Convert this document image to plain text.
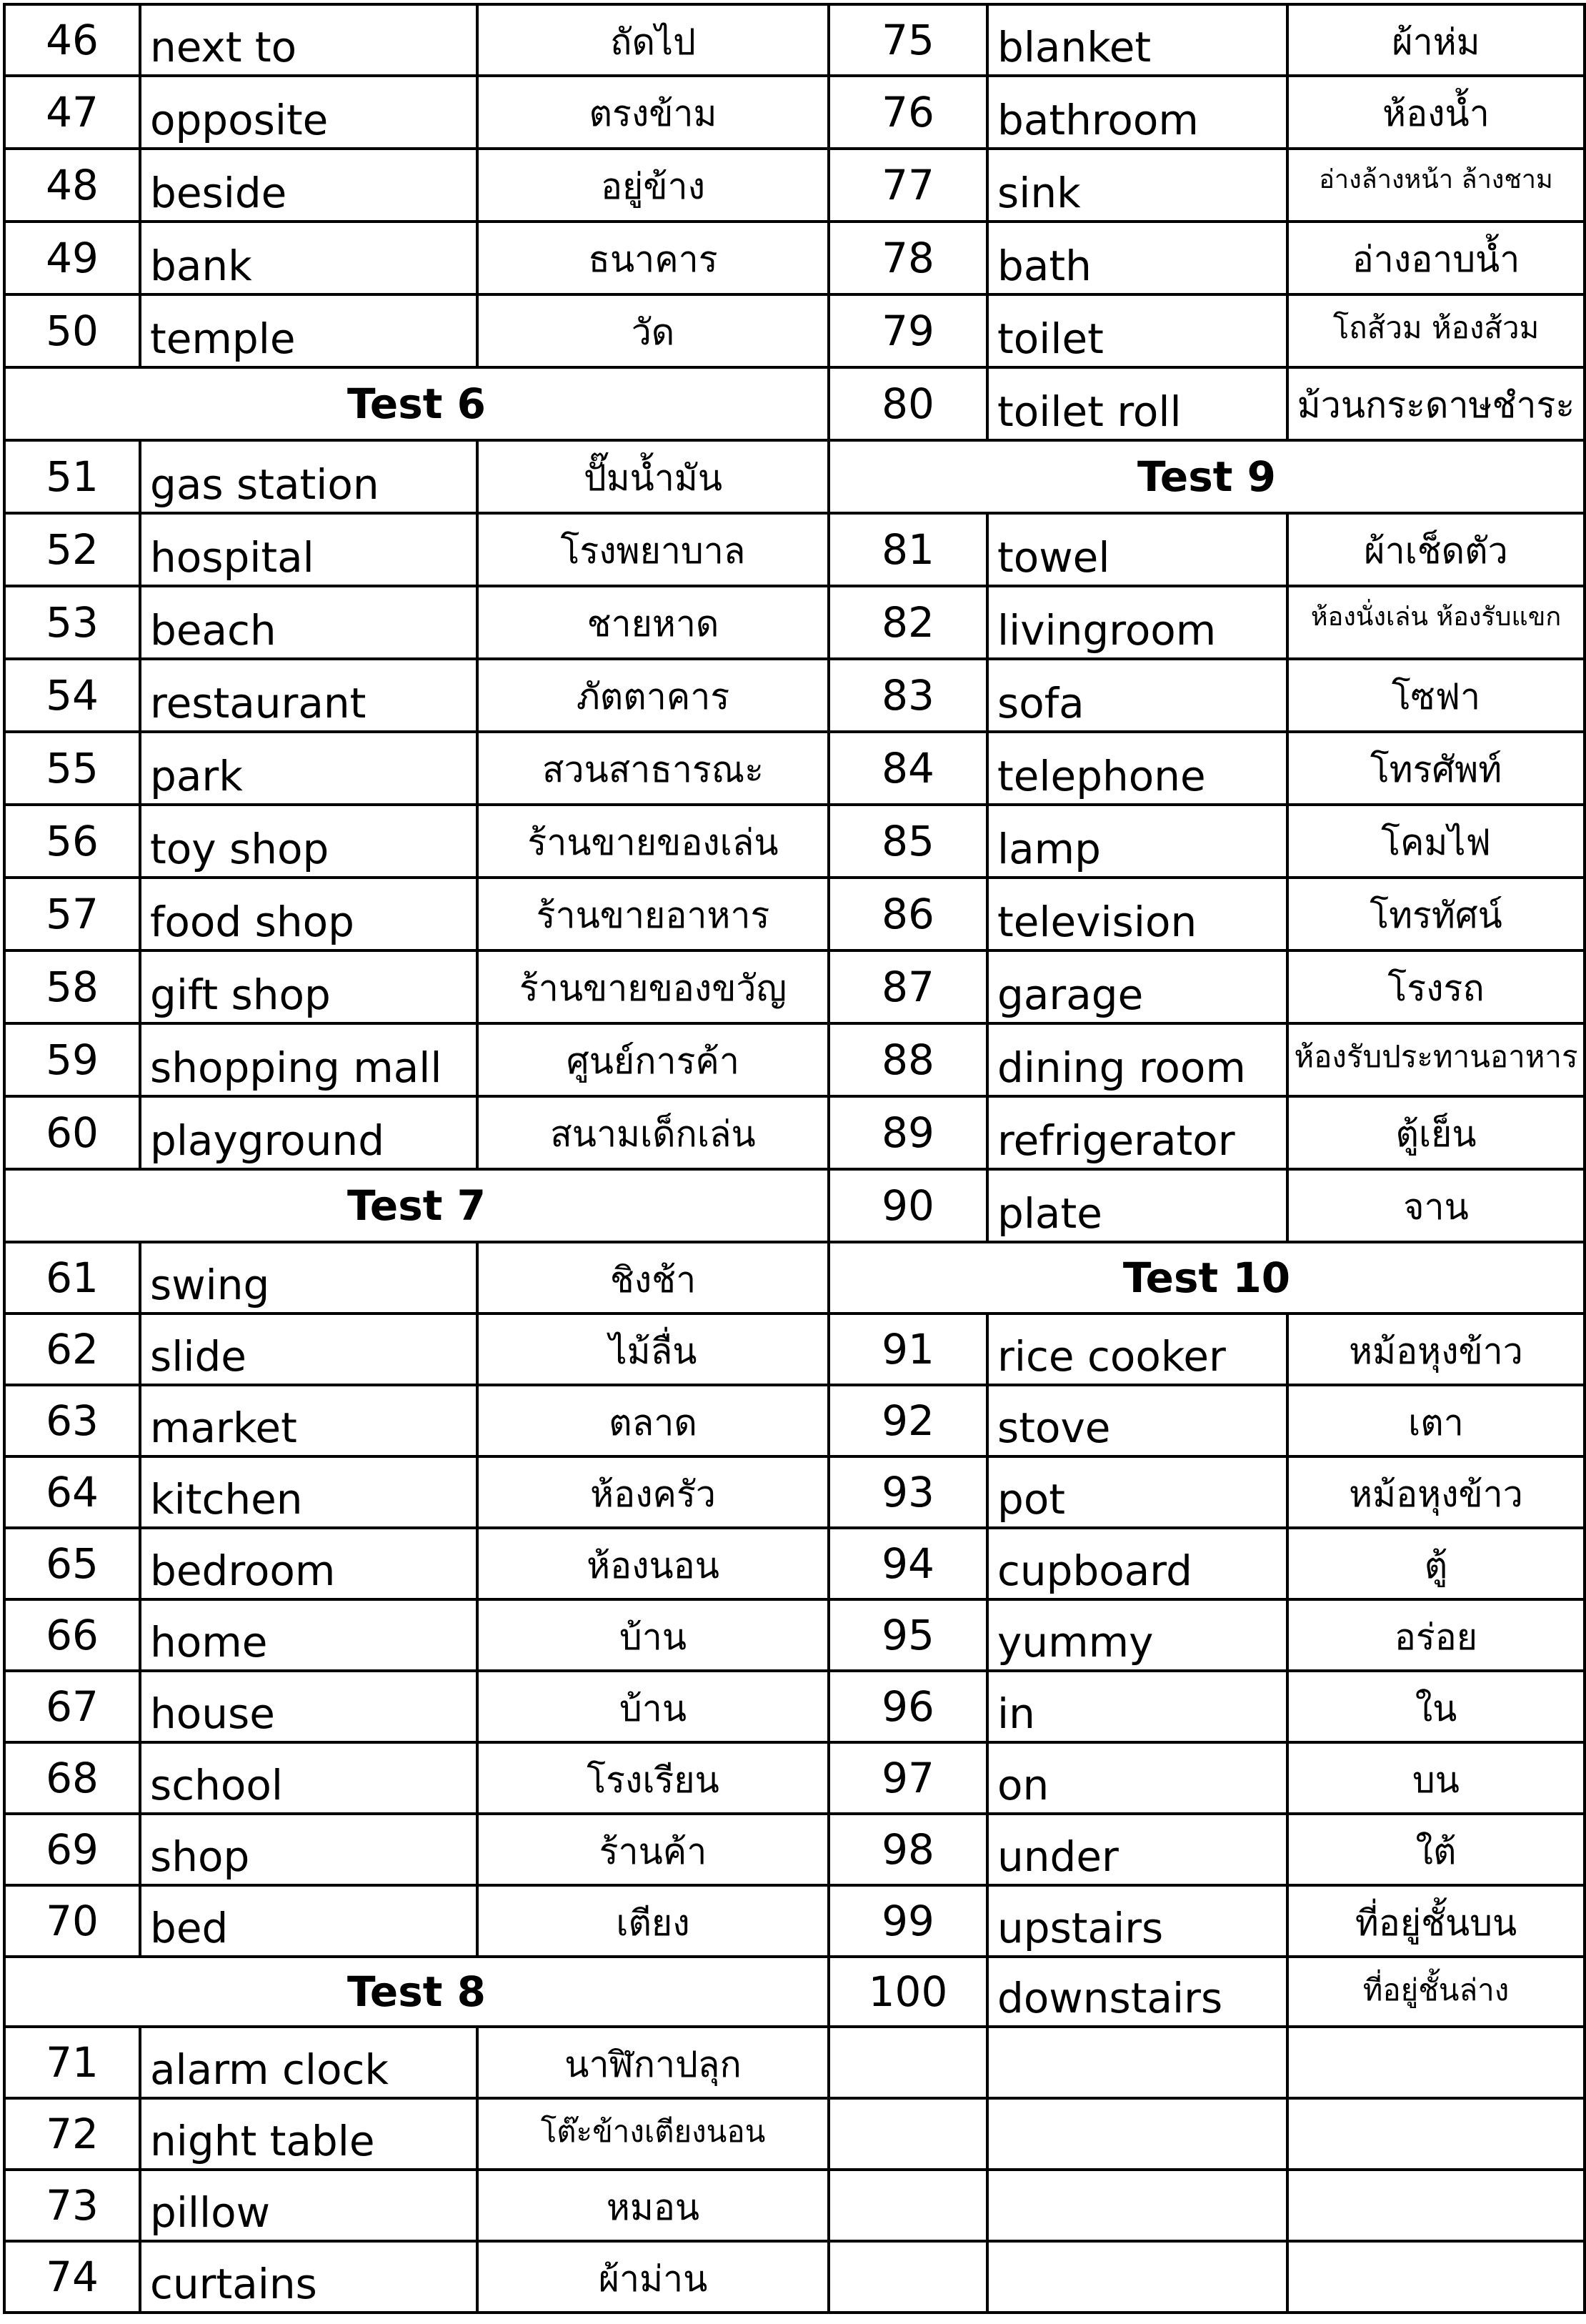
46	next to	ถัดไป
47	opposite	ตรงข้าม
48	beside	อยู่ข้าง
49	bank	ธนาคาร
50	temple	วัด
Test 6		
51	gas station	ปั๊มน้ำมัน
52	hospital	โรงพยาบาล
53	beach	ชายหาด
54	restaurant	ภัตตาคาร
55	park	สวนสาธารณะ
56	toy shop	ร้านขายของเล่น
57	food shop	ร้านขายอาหาร
58	gift shop	ร้านขายของขวัญ
59	shopping mall	ศูนย์การค้า
60	playground	สนามเด็กเล่น
Test 7		
61	swing	ชิงช้า
62	slide	ไม้ลื่น
63	market	ตลาด
64	kitchen	ห้องครัว
65	bedroom	ห้องนอน
66	home	บ้าน
67	house	บ้าน
68	school	โรงเรียน
69	shop	ร้านค้า
70	bed	เตียง
Test 8		
71	alarm clock	นาฬิกาปลุก
72	night table	โต๊ะข้างเตียงนอน
73	pillow	หมอน
74	curtains	ผ้าม่าน
75	blanket	ผ้าห่ม
76	bathroom	ห้องน้ำ
77	sink	อ่างล้างหน้า ล้างชาม
78	bath	อ่างอาบน้ำ
79	toilet	โถส้วม ห้องส้วม
80	toilet roll	ม้วนกระดาษชำระ
Test 9		
81	towel	ผ้าเช็ดตัว
82	livingroom	ห้องนั่งเล่น ห้องรับแขก
83	sofa	โซฟา
84	telephone	โทรศัพท์
85	lamp	โคมไฟ
86	television	โทรทัศน์
87	garage	โรงรถ
88	dining room	ห้องรับประทานอาหาร
89	refrigerator	ตู้เย็น
90	plate	จาน
Test 10		
91	rice cooker	หม้อหุงข้าว
92	stove	เตา
93	pot	หม้อหุงข้าว
94	cupboard	ตู้
95	yummy	อร่อย
96	in	ใน
97	on	บน
98	under	ใต้
99	upstairs	ที่อยู่ชั้นบน
100	downstairs	ที่อยู่ชั้นล่าง
